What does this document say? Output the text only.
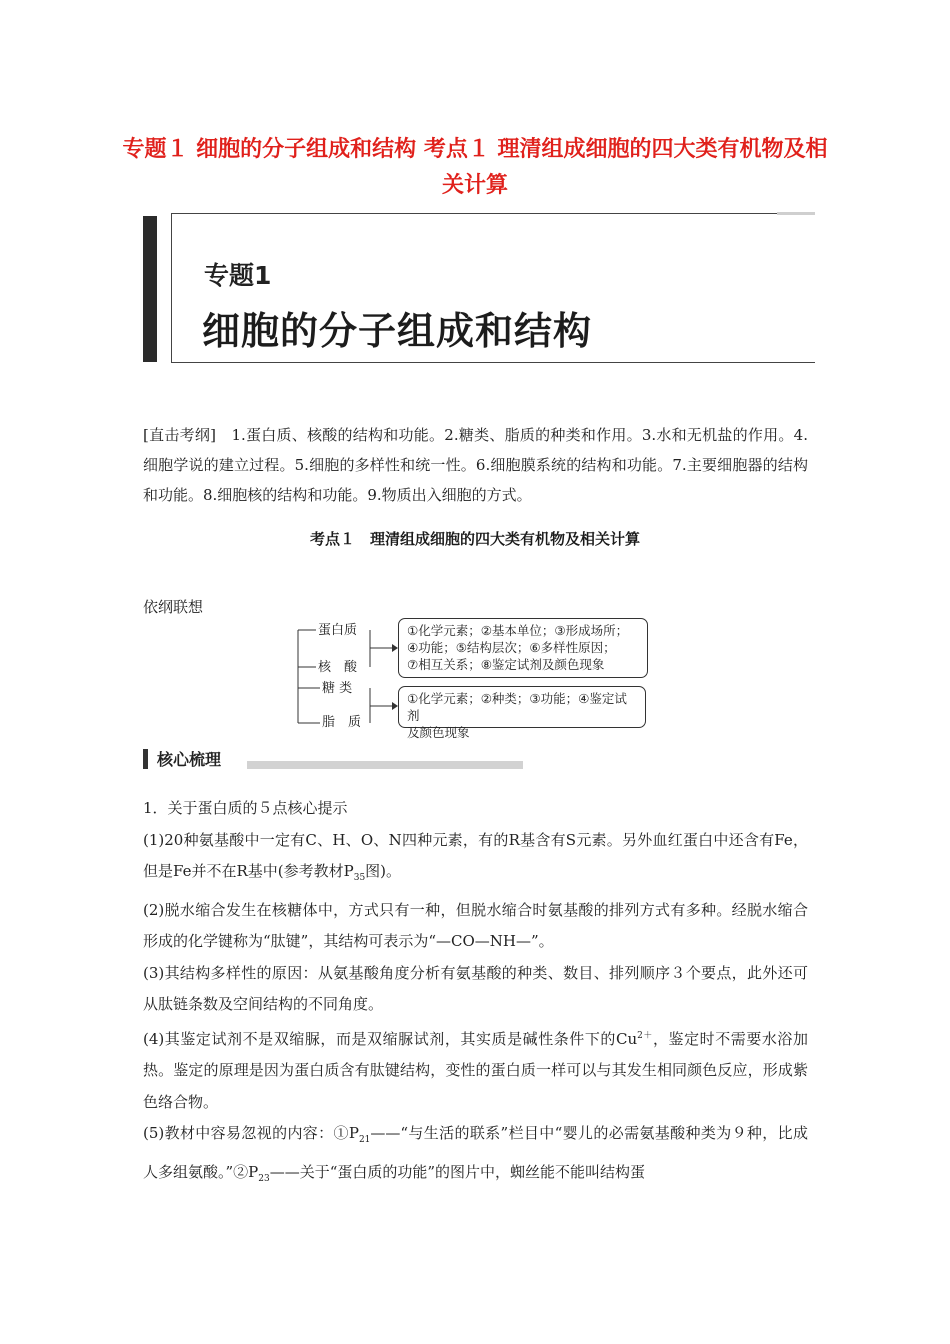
专题１ 细胞的分子组成和结构 考点１ 理清组成细胞的四大类有机物及相关计算
专题1
细胞的分子组成和结构
[直击考纲]　1.蛋白质、核酸的结构和功能。2.糖类、脂质的种类和作用。3.水和无机盐的作用。4.细胞学说的建立过程。5.细胞的多样性和统一性。6.细胞膜系统的结构和功能。7.主要细胞器的结构和功能。8.细胞核的结构和功能。9.物质出入细胞的方式。
考点１　理清组成细胞的四大类有机物及相关计算
依纲联想
蛋白质
核　酸
糖 类
脂　质
①化学元素；②基本单位；③形成场所；
④功能；⑤结构层次；⑥多样性原因；
⑦相互关系；⑧鉴定试剂及颜色现象
①化学元素；②种类；③功能；④鉴定试剂
及颜色现象
核心梳理

1．关于蛋白质的５点核心提示

(1)20种氨基酸中一定有C、H、O、N四种元素，有的R基含有S元素。另外血红蛋白中还含有Fe，但是Fe并不在R基中(参考教材$P_{35}$图)。

(2)脱水缩合发生在核糖体中，方式只有一种，但脱水缩合时氨基酸的排列方式有多种。经脱水缩合形成的化学键称为“肽键”，其结构可表示为“—CO—NH—”。

(3)其结构多样性的原因：从氨基酸角度分析有氨基酸的种类、数目、排列顺序３个要点，此外还可从肽链条数及空间结构的不同角度。

(4)其鉴定试剂不是双缩脲，而是双缩脲试剂，其实质是碱性条件下的$Cu^{2+}$，鉴定时不需要水浴加热。鉴定的原理是因为蛋白质含有肽键结构，变性的蛋白质一样可以与其发生相同颜色反应，形成紫色络合物。

(5)教材中容易忽视的内容：$①P_{21}——“$与生活的联系”栏目中“婴儿的必需氨基酸种类为９种，比成人多组氨酸。$”②P_{23}——$关于“蛋白质的功能”的图片中，蜘丝能不能叫结构蛋
